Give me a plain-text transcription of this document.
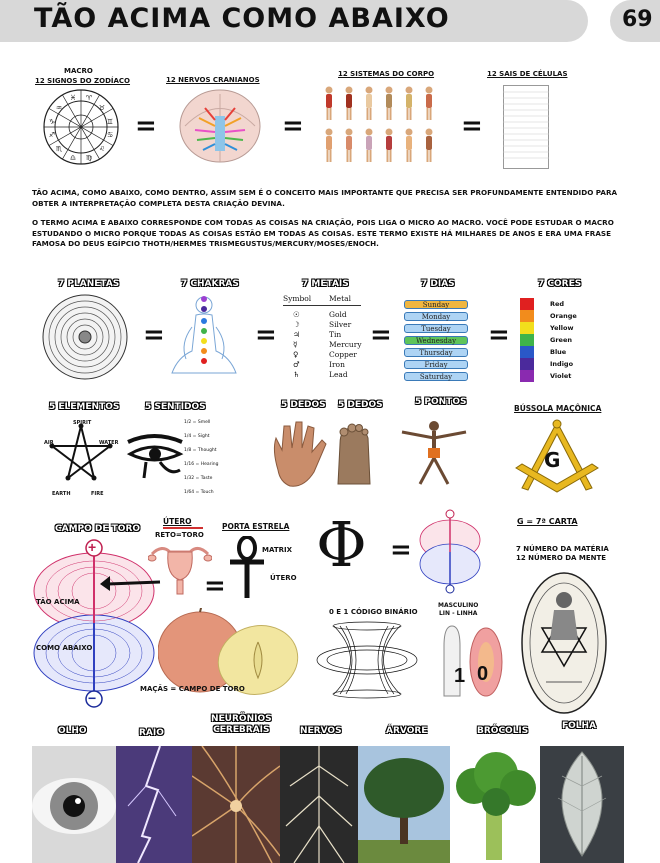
TÃO ACIMA COMO ABAIXO	69
MACRO
12 SIGNOS DO ZODÍACO
♈
♉
♊
♋
♌
♍
♎
♏
♐
♑
♒
♓
=
12 NERVOS CRANIANOS
=
12 SISTEMAS DO CORPO
=
12 SAIS DE CÉLULAS
TÃO ACIMA, COMO ABAIXO, COMO DENTRO, ASSIM SEM É O CONCEITO MAIS IMPORTANTE QUE PRECISA SER PROFUNDAMENTE ENTENDIDO PARA OBTER A INTERPRETAÇÃO COMPLETA DESTA CRIAÇÃO DEVINA.
O TERMO ACIMA E ABAIXO CORRESPONDE COM TODAS AS COISAS NA CRIAÇÃO, POIS LIGA O MICRO AO MACRO. VOCÊ PODE ESTUDAR O MACRO ESTUDANDO O MICRO PORQUE TODAS AS COISAS ESTÃO EM TODAS AS COISAS. ESTE TERMO EXISTE HÁ MILHARES DE ANOS E ERA UMA FRASE FAMOSA DO DEUS EGÍPCIO THOTH/HERMES TRISMEGUSTUS/MERCURY/MOSES/ENOCH.
7 PLANETAS
=
7 CHAKRAS
=
7 METAIS
Symbol Metal
☉	Gold
☽	Silver
♃	Tin
☿	Mercury
♀	Copper
♂	Iron
♄	Lead
=
7 DIAS
Sunday
Monday
Tuesday
Wednesday
Thursday
Friday
Saturday
=
7 CORES
Red
Orange
Yellow
Green
Blue
Indigo
Violet
5 ELEMENTOS
SPIRIT
AIR	WATER
EARTH	FIRE
5 SENTIDOS
1/2 = Smell
1/4 = Sight
1/8 = Thought
1/16 = Hearing
1/32 = Taste
1/64 = Touch
5 DEDOS 5 DEDOS	5 PONTOS
BÚSSOLA MAÇÔNICA
G
CAMPO DE TORO
+
−
TÃO ACIMA
COMO ABAIXO
ÚTERO
RETO=TORO
=
PORTA ESTRELA
MATRIX
ÚTERO Φ =
G = 7ª CARTA
7 NÚMERO DA MATÉRIA
12 NÚMERO DA MENTE
0 E 1 CÓDIGO BINÁRIO
MASCULINO
LIN - LINHA
1 0
MAÇÃS = CAMPO DE TORO
OLHO	RAIO
NEURÔNIOS
CEREBRAIS	NERVOS	ÁRVORE	BRÓCOLIS	FOLHA
